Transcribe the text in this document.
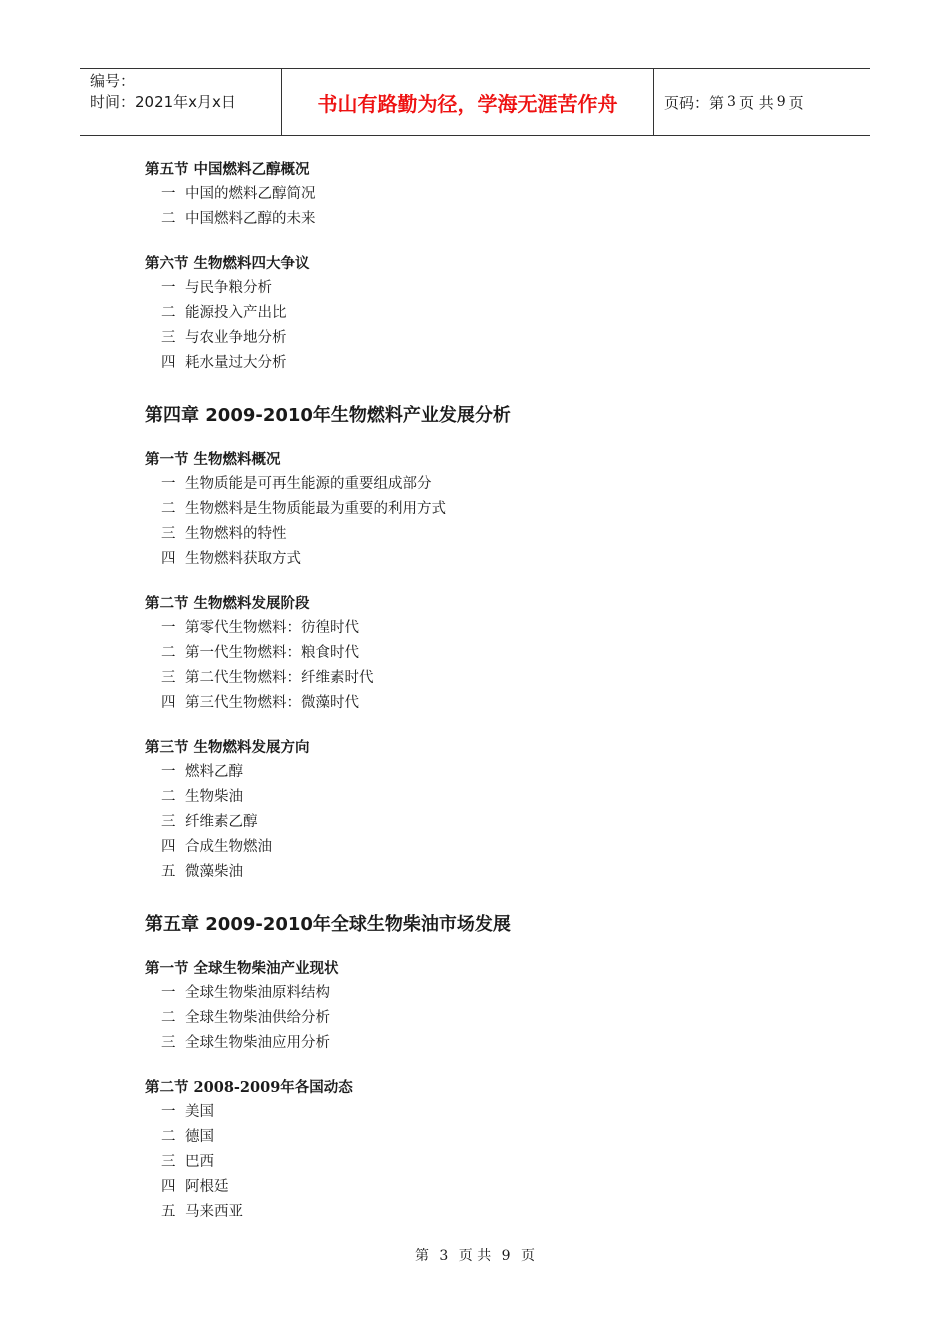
编号：
时间：2021年x月x日	书山有路勤为径，学海无涯苦作舟	页码：第 3 页 共 9 页
第五节 中国燃料乙醇概况
一 中国的燃料乙醇简况
二 中国燃料乙醇的未来
第六节 生物燃料四大争议
一 与民争粮分析
二 能源投入产出比
三 与农业争地分析
四 耗水量过大分析
第四章 2009-2010年生物燃料产业发展分析
第一节 生物燃料概况
一 生物质能是可再生能源的重要组成部分
二 生物燃料是生物质能最为重要的利用方式
三 生物燃料的特性
四 生物燃料获取方式
第二节 生物燃料发展阶段
一 第零代生物燃料：彷徨时代
二 第一代生物燃料：粮食时代
三 第二代生物燃料：纤维素时代
四 第三代生物燃料：微藻时代
第三节 生物燃料发展方向
一 燃料乙醇
二 生物柴油
三 纤维素乙醇
四 合成生物燃油
五 微藻柴油
第五章 2009-2010年全球生物柴油市场发展
第一节 全球生物柴油产业现状
一 全球生物柴油原料结构
二 全球生物柴油供给分析
三 全球生物柴油应用分析
第二节 2008-2009年各国动态
一 美国
二 德国
三 巴西
四 阿根廷
五 马来西亚
第 3 页 共 9 页
